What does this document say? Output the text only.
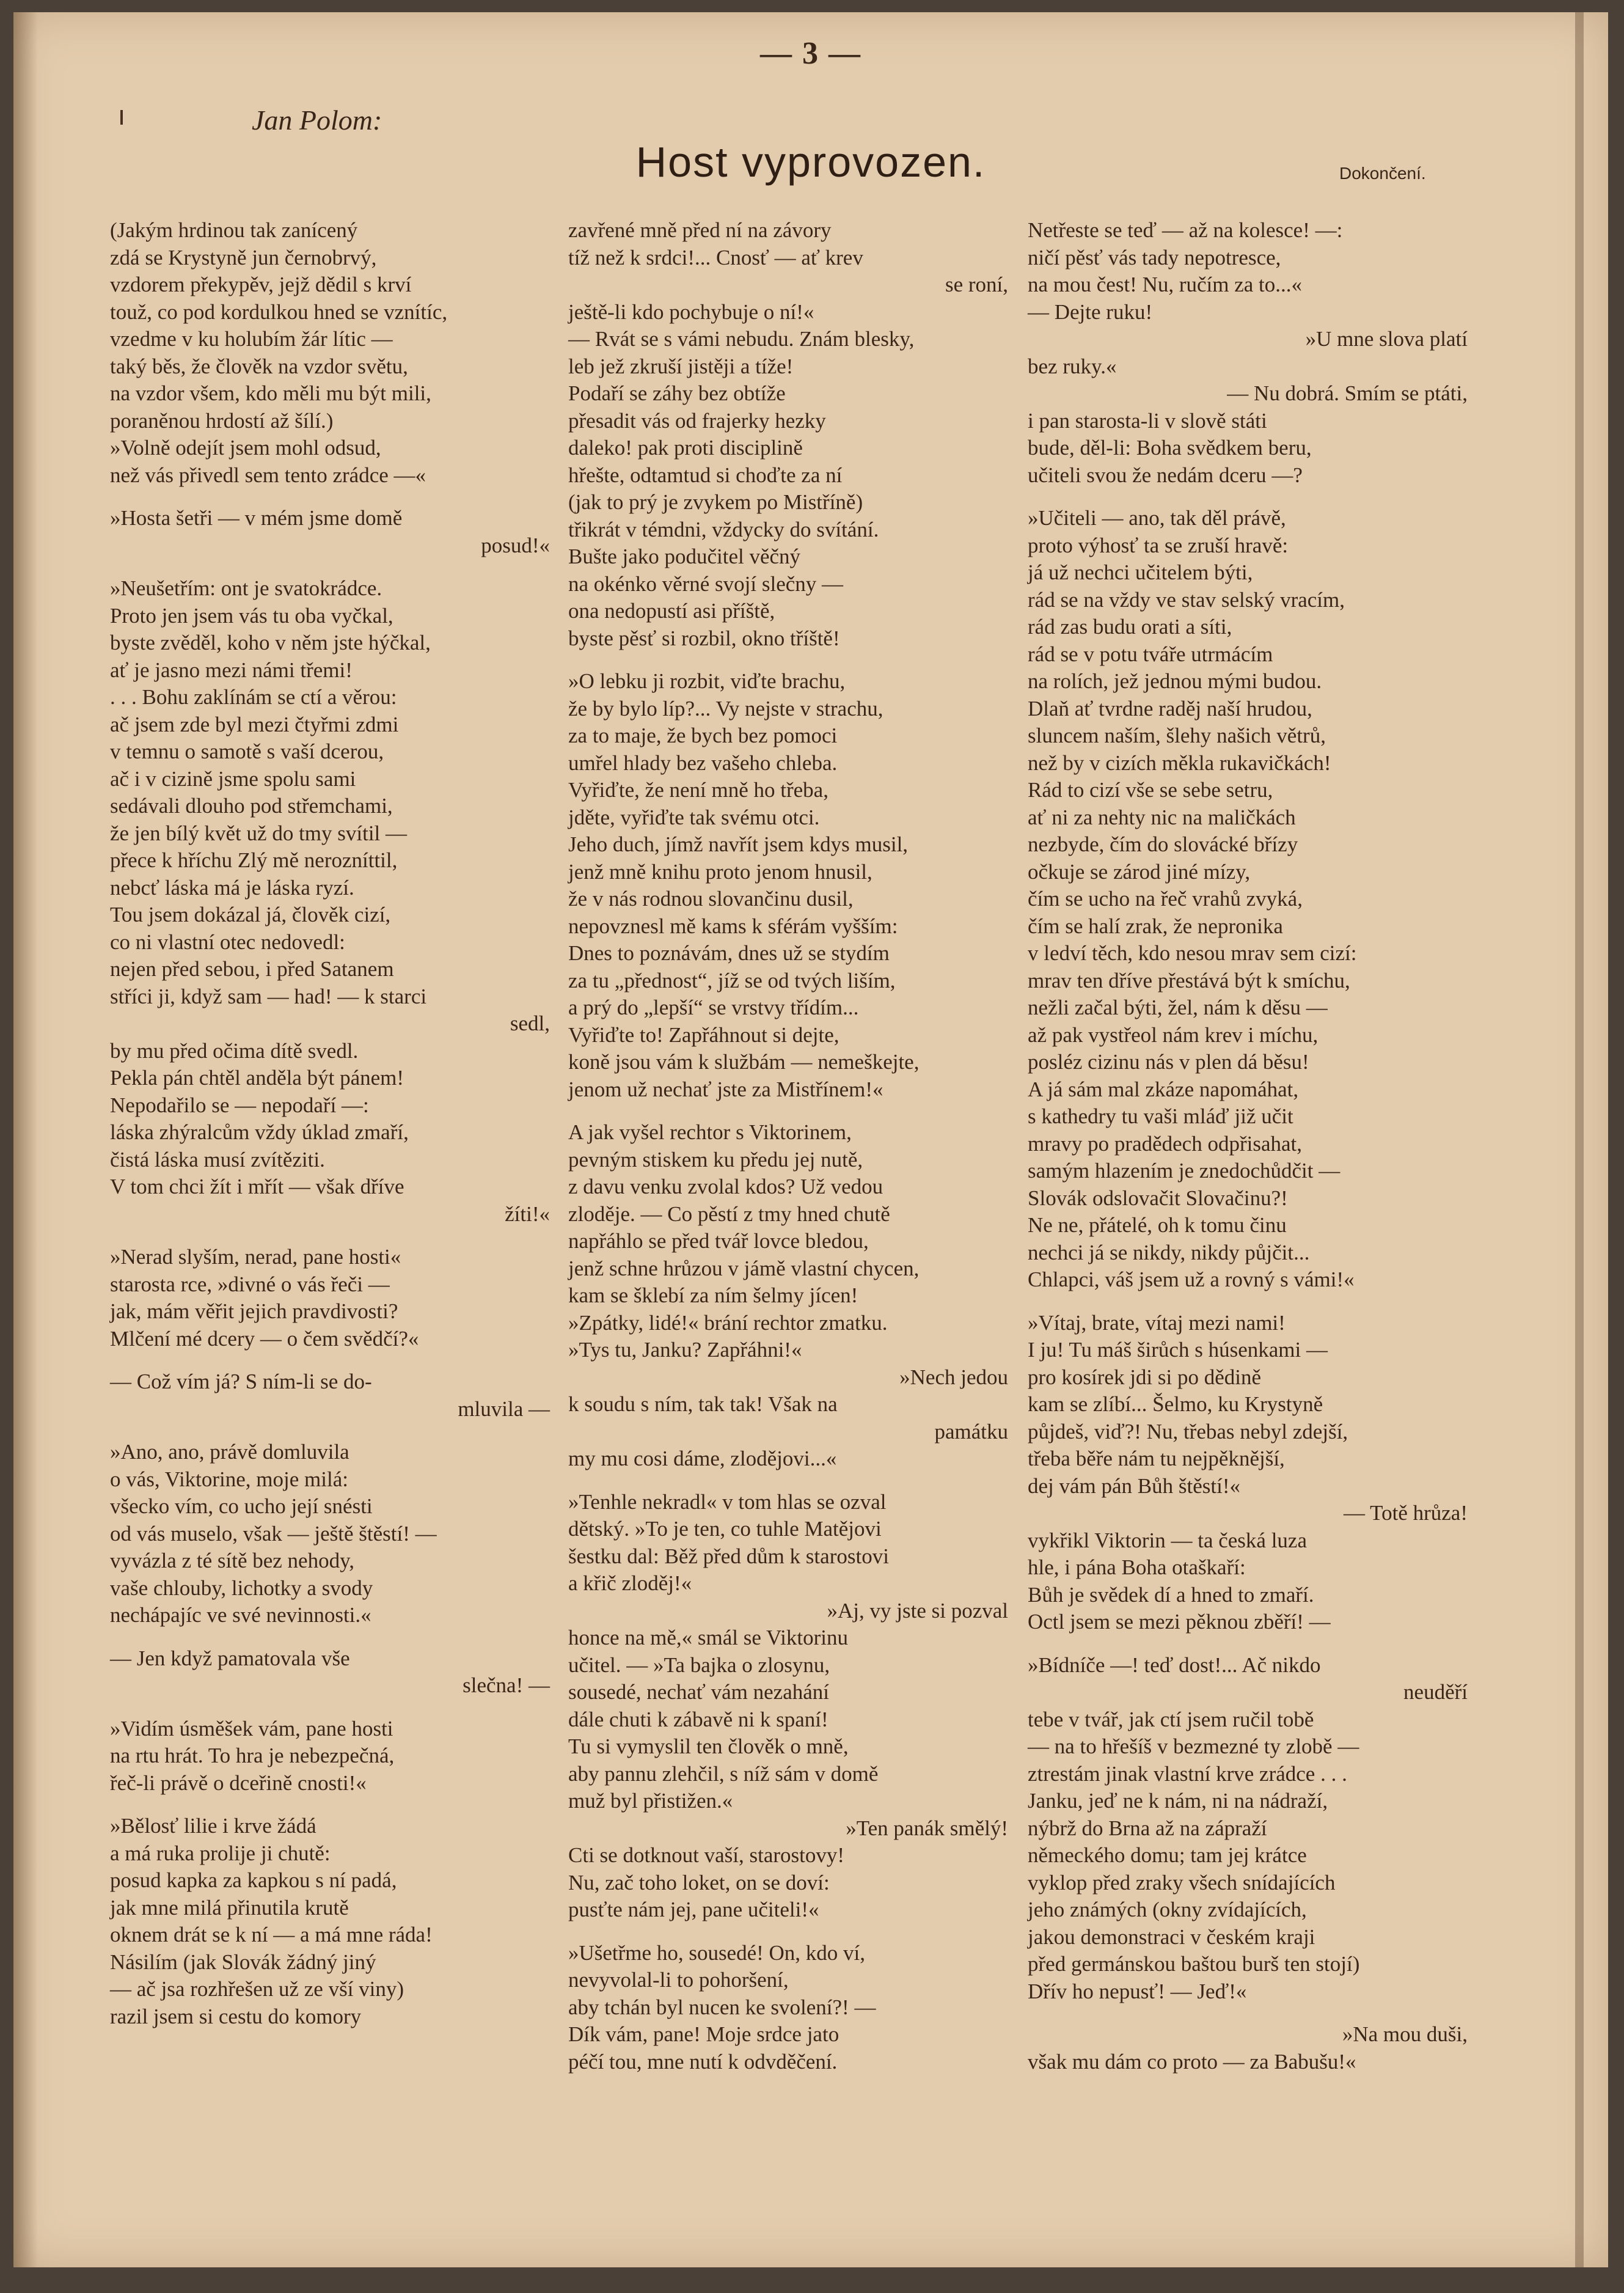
— 3 —
Jan Polom:
Host vyprovozen.	Dokončení.
(Jakým hrdinou tak zanícený
zdá se Krystyně jun černobrvý,
vzdorem překypěv, jejž dědil s krví
touž, co pod kordulkou hned se vznítíc,
vzedme v ku holubím žár lític —
taký běs, že člověk na vzdor světu,
na vzdor všem, kdo měli mu být mili,
poraněnou hrdostí až šílí.)
»Volně odejít jsem mohl odsud,
než vás přivedl sem tento zrádce —«
»Hosta šetři — v mém jsme domě
posud!«
»Neušetřím: ont je svatokrádce.
Proto jen jsem vás tu oba vyčkal,
byste zvěděl, koho v něm jste hýčkal,
ať je jasno mezi námi třemi!
. . . Bohu zaklínám se ctí a věrou:
ač jsem zde byl mezi čtyřmi zdmi
v temnu o samotě s vaší dcerou,
ač i v cizině jsme spolu sami
sedávali dlouho pod střemchami,
že jen bílý květ už do tmy svítil —
přece k hříchu Zlý mě nerozníttil,
nebcť láska má je láska ryzí.
Tou jsem dokázal já, člověk cizí,
co ni vlastní otec nedovedl:
nejen před sebou, i před Satanem
stříci ji, když sam — had! — k starci
sedl,
by mu před očima dítě svedl.
Pekla pán chtěl anděla být pánem!
Nepodařilo se — nepodaří —:
láska zhýralcům vždy úklad zmaří,
čistá láska musí zvítěziti.
V tom chci žít i mřít — však dříve
žíti!«
»Nerad slyším, nerad, pane hosti«
starosta rce, »divné o vás řeči —
jak, mám věřit jejich pravdivosti?
Mlčení mé dcery — o čem svědčí?«
— Což vím já? S ním-li se do-
mluvila —
»Ano, ano, právě domluvila
o vás, Viktorine, moje milá:
všecko vím, co ucho její snésti
od vás muselo, však — ještě štěstí! —
vyvázla z té sítě bez nehody,
vaše chlouby, lichotky a svody
nechápajíc ve své nevinnosti.«
— Jen když pamatovala vše
slečna! —
»Vidím úsměšek vám, pane hosti
na rtu hrát. To hra je nebezpečná,
řeč-li právě o dceřině cnosti!«
»Bělosť lilie i krve žádá
a má ruka prolije ji chutě:
posud kapka za kapkou s ní padá,
jak mne milá přinutila krutě
oknem drát se k ní — a má mne ráda!
Násilím (jak Slovák žádný jiný
— ač jsa rozhřešen už ze vší viny)
razil jsem si cestu do komory
zavřené mně před ní na závory
tíž než k srdci!... Cnosť — ať krev
se roní,
ještě-li kdo pochybuje o ní!«
— Rvát se s vámi nebudu. Znám blesky,
leb jež zkruší jistěji a tíže!
Podaří se záhy bez obtíže
přesadit vás od frajerky hezky
daleko! pak proti disciplině
hřešte, odtamtud si choďte za ní
(jak to prý je zvykem po Mistříně)
třikrát v témdni, vždycky do svítání.
Bušte jako podučitel věčný
na okénko věrné svojí slečny —
ona nedopustí asi příště,
byste pěsť si rozbil, okno tříště!
»O lebku ji rozbit, viďte brachu,
že by bylo líp?... Vy nejste v strachu,
za to maje, že bych bez pomoci
umřel hlady bez vašeho chleba.
Vyřiďte, že není mně ho třeba,
jděte, vyřiďte tak svému otci.
Jeho duch, jímž navřít jsem kdys musil,
jenž mně knihu proto jenom hnusil,
že v nás rodnou slovančinu dusil,
nepovznesl mě kams k sférám vyšším:
Dnes to poznávám, dnes už se stydím
za tu „přednost“, jíž se od tvých liším,
a prý do „lepší“ se vrstvy třídím...
Vyřiďte to! Zapřáhnout si dejte,
koně jsou vám k službám — nemeškejte,
jenom už nechať jste za Mistřínem!«
A jak vyšel rechtor s Viktorinem,
pevným stiskem ku předu jej nutě,
z davu venku zvolal kdos? Už vedou
zloděje. — Co pěstí z tmy hned chutě
napřáhlo se před tvář lovce bledou,
jenž schne hrůzou v jámě vlastní chycen,
kam se šklebí za ním šelmy jícen!
»Zpátky, lidé!« brání rechtor zmatku.
»Tys tu, Janku? Zapřáhni!«
»Nech jedou
k soudu s ním, tak tak! Však na
památku
my mu cosi dáme, zlodějovi...«
»Tenhle nekradl« v tom hlas se ozval
dětský. »To je ten, co tuhle Matějovi
šestku dal: Běž před dům k starostovi
a křič zloděj!«
»Aj, vy jste si pozval
honce na mě,« smál se Viktorinu
učitel. — »Ta bajka o zlosynu,
sousedé, nechať vám nezahání
dále chuti k zábavě ni k spaní!
Tu si vymyslil ten člověk o mně,
aby pannu zlehčil, s níž sám v domě
muž byl přistižen.«
»Ten panák smělý!
Cti se dotknout vaší, starostovy!
Nu, zač toho loket, on se doví:
pusťte nám jej, pane učiteli!«
»Ušetřme ho, sousedé! On, kdo ví,
nevyvolal-li to pohoršení,
aby tchán byl nucen ke svolení?! —
Dík vám, pane! Moje srdce jato
péčí tou, mne nutí k odvděčení.
Netřeste se teď — až na kolesce! —:
ničí pěsť vás tady nepotresce,
na mou čest! Nu, ručím za to...«
— Dejte ruku!
»U mne slova platí
bez ruky.«
— Nu dobrá. Smím se ptáti,
i pan starosta-li v slově státi
bude, děl-li: Boha svědkem beru,
učiteli svou že nedám dceru —?
»Učiteli — ano, tak děl právě,
proto výhosť ta se zruší hravě:
já už nechci učitelem býti,
rád se na vždy ve stav selský vracím,
rád zas budu orati a síti,
rád se v potu tváře utrmácím
na rolích, jež jednou mými budou.
Dlaň ať tvrdne raděj naší hrudou,
sluncem naším, šlehy našich větrů,
než by v cizích měkla rukavičkách!
Rád to cizí vše se sebe setru,
ať ni za nehty nic na maličkách
nezbyde, čím do slovácké břízy
očkuje se zárod jiné mízy,
čím se ucho na řeč vrahů zvyká,
čím se halí zrak, že nepronika
v ledví těch, kdo nesou mrav sem cizí:
mrav ten dříve přestává být k smíchu,
nežli začal býti, žel, nám k děsu —
až pak vystřeol nám krev i míchu,
posléz cizinu nás v plen dá běsu!
A já sám mal zkáze napomáhat,
s kathedry tu vaši mláď již učit
mravy po pradědech odpřisahat,
samým hlazením je znedochůdčit —
Slovák odslovačit Slovačinu?!
Ne ne, přátelé, oh k tomu činu
nechci já se nikdy, nikdy půjčit...
Chlapci, váš jsem už a rovný s vámi!«
»Vítaj, brate, vítaj mezi nami!
I ju! Tu máš širůch s húsenkami —
pro kosírek jdi si po dědině
kam se zlíbí... Šelmo, ku Krystyně
půjdeš, viď?! Nu, třebas nebyl zdejší,
třeba běře nám tu nejpěknější,
dej vám pán Bůh štěstí!«
— Totě hrůza!
vykřikl Viktorin — ta česká luza
hle, i pána Boha otaškaří:
Bůh je svědek dí a hned to zmaří.
Octl jsem se mezi pěknou zběří! —
»Bídníče —! teď dost!... Ač nikdo
neuděří
tebe v tvář, jak ctí jsem ručil tobě
— na to hřešíš v bezmezné ty zlobě —
ztrestám jinak vlastní krve zrádce . . .
Janku, jeď ne k nám, ni na nádraží,
nýbrž do Brna až na zápraží
německého domu; tam jej krátce
vyklop před zraky všech snídajících
jeho známých (okny zvídajících,
jakou demonstraci v českém kraji
před germánskou baštou burš ten stojí)
Dřív ho nepusť! — Jeď!«
»Na mou duši,
však mu dám co proto — za Babušu!«
